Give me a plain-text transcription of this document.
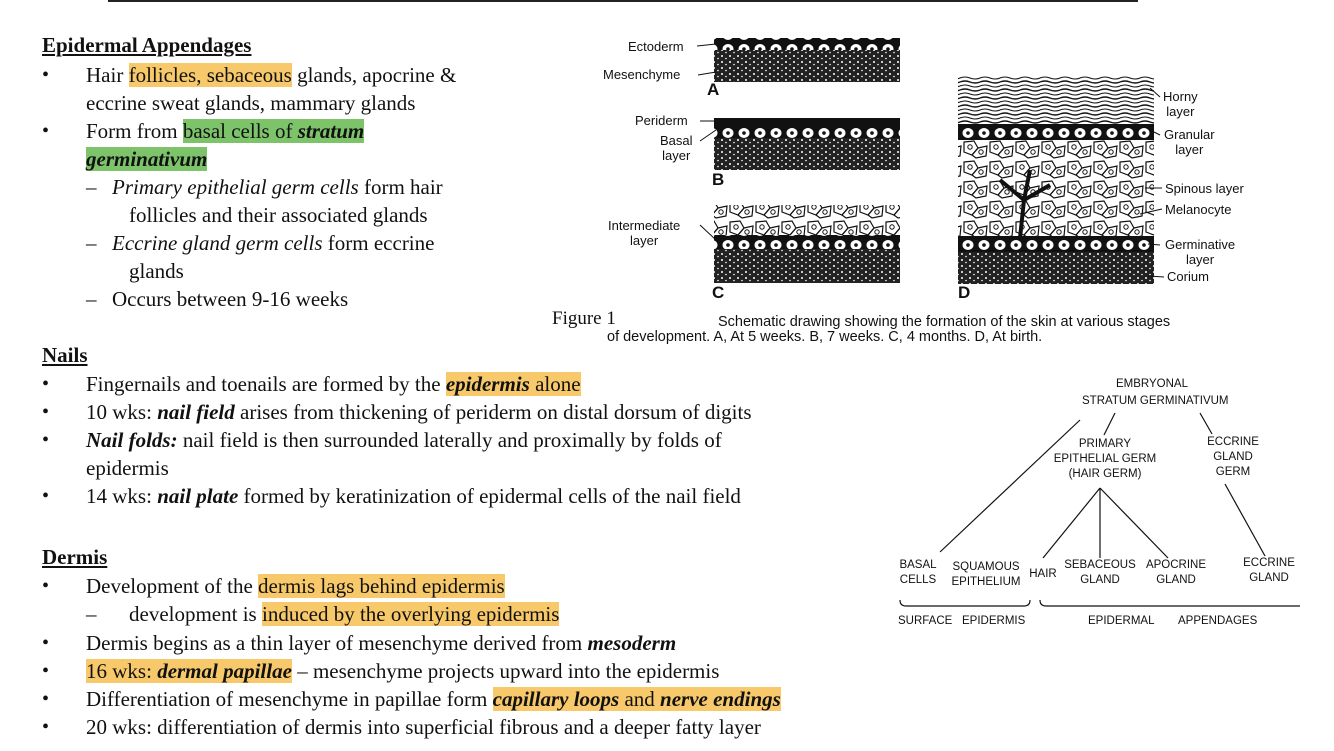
Epidermal Appendages
• Hair follicles, sebaceous glands, apocrine &
eccrine sweat glands, mammary glands
• Form from basal cells of stratum
germinativum
– Primary epithelial germ cells form hair
follicles and their associated glands
– Eccrine gland germ cells form eccrine
glands
– Occurs between 9-16 weeks
Nails
• Fingernails and toenails are formed by the epidermis alone
• 10 wks: nail field arises from thickening of periderm on distal dorsum of digits
• Nail folds: nail field is then surrounded laterally and proximally by folds of
epidermis
• 14 wks: nail plate formed by keratinization of epidermal cells of the nail field
Dermis
• Development of the dermis lags behind epidermis
– development is induced by the overlying epidermis
• Dermis begins as a thin layer of mesenchyme derived from mesoderm
• 16 wks: dermal papillae – mesenchyme projects upward into the epidermis
• Differentiation of mesenchyme in papillae form capillary loops and nerve endings
• 20 wks: differentiation of dermis into superficial fibrous and a deeper fatty layer
Ectoderm
Mesenchyme
A
Periderm
Basal
layer
B
Intermediate
layer
C	D
Horny
layer
Granular
layer
Spinous layer
Melanocyte
Germinative
layer
Corium
Figure 1	Schematic drawing showing the formation of the skin at various stages
of development. A, At 5 weeks. B, 7 weeks. C, 4 months. D, At birth.
EMBRYONAL
STRATUM GERMINATIVUM
PRIMARY
EPITHELIAL GERM
(HAIR GERM)
ECCRINE
GLAND
GERM
BASAL
CELLS
SQUAMOUS
EPITHELIUM
HAIR
SEBACEOUS
GLAND
APOCRINE
GLAND
ECCRINE
GLAND
SURFACE EPIDERMIS	EPIDERMAL APPENDAGES
